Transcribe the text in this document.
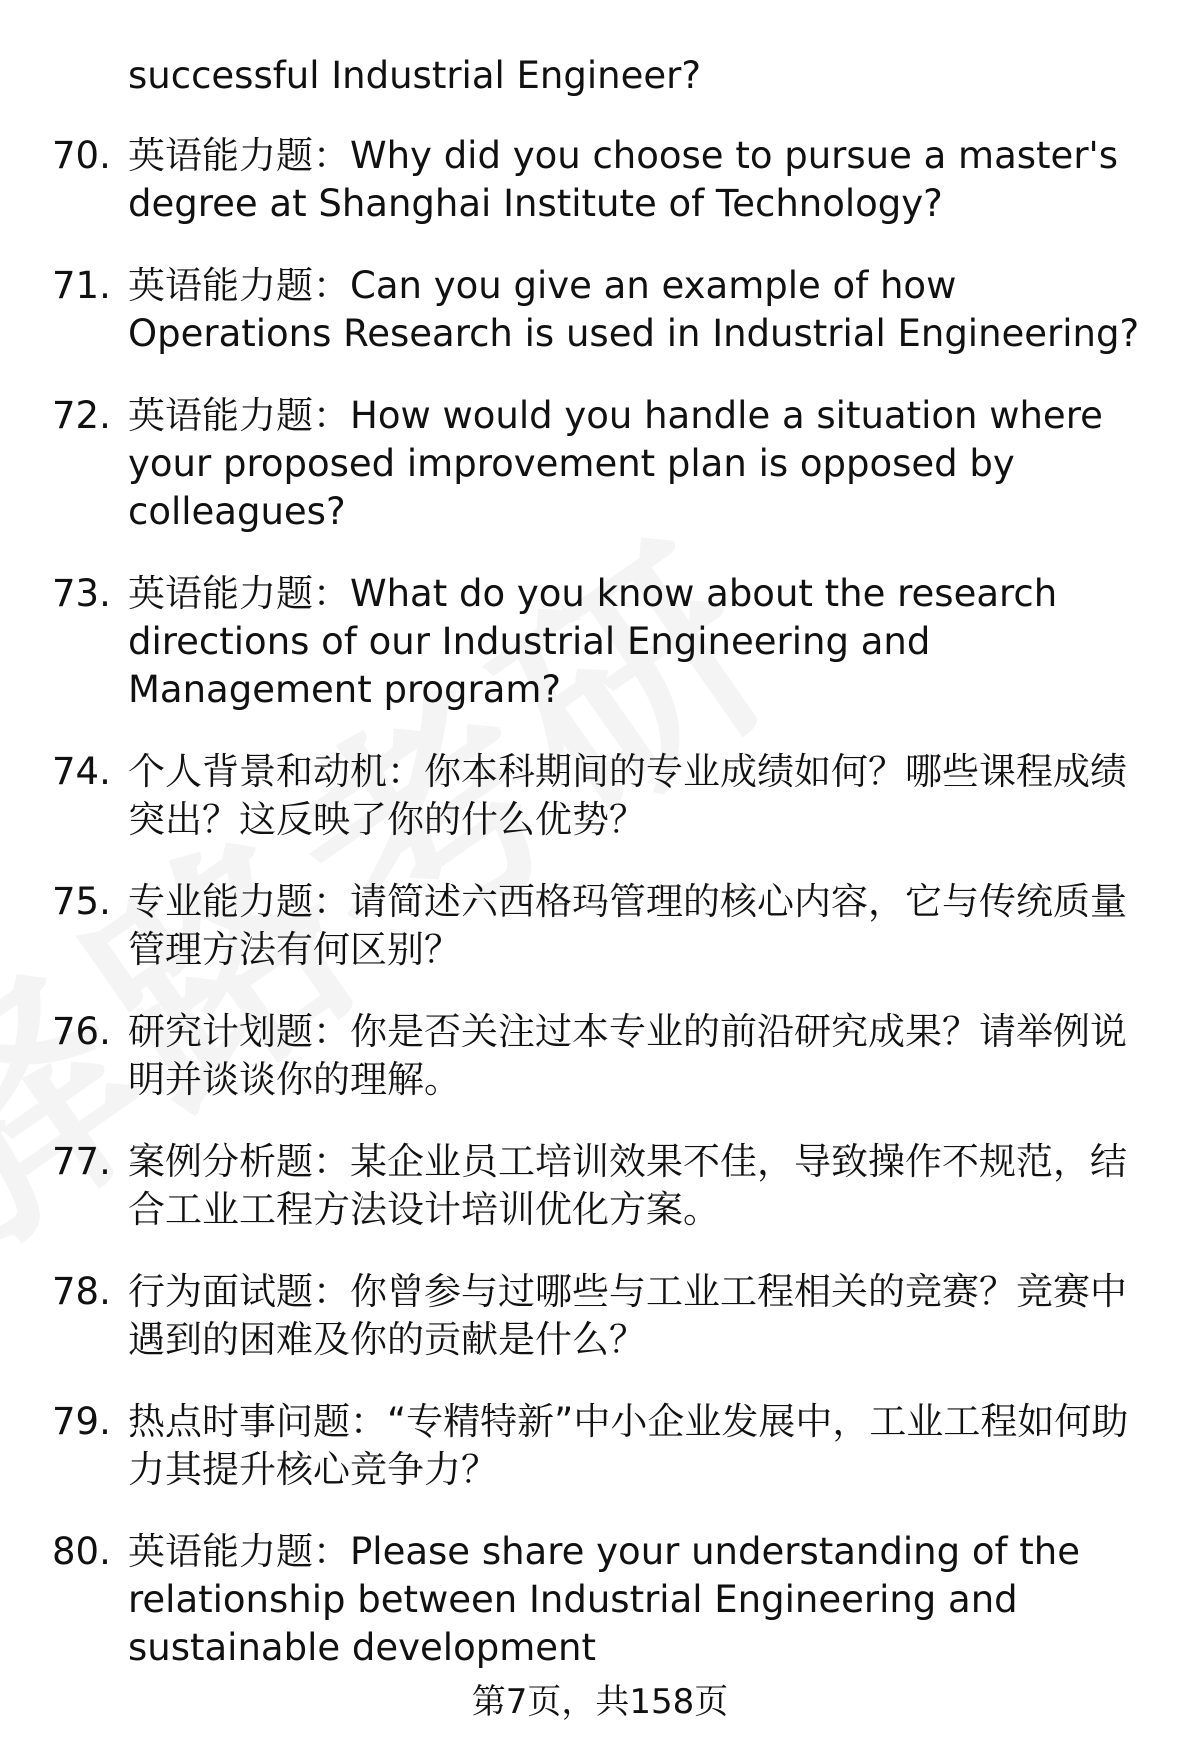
successful Industrial Engineer?
70. 英语能力题：Why did you choose to pursue a master's degree at Shanghai Institute of Technology?
71. 英语能力题：Can you give an example of how Operations Research is used in Industrial Engineering?
72. 英语能力题：How would you handle a situation where your proposed improvement plan is opposed by colleagues?
73. 英语能力题：What do you know about the research directions of our Industrial Engineering and Management program?
74. 个人背景和动机：你本科期间的专业成绩如何？哪些课程成绩突出？这反映了你的什么优势？
75. 专业能力题：请简述六西格玛管理的核心内容，它与传统质量管理方法有何区别？
76. 研究计划题：你是否关注过本专业的前沿研究成果？请举例说明并谈谈你的理解。
77. 案例分析题：某企业员工培训效果不佳，导致操作不规范，结合工业工程方法设计培训优化方案。
78. 行为面试题：你曾参与过哪些与工业工程相关的竞赛？竞赛中遇到的困难及你的贡献是什么？
79. 热点时事问题：“专精特新”中小企业发展中，工业工程如何助力其提升核心竞争力？
80. 英语能力题：Please share your understanding of the relationship between Industrial Engineering and sustainable development
第7页，共158页
